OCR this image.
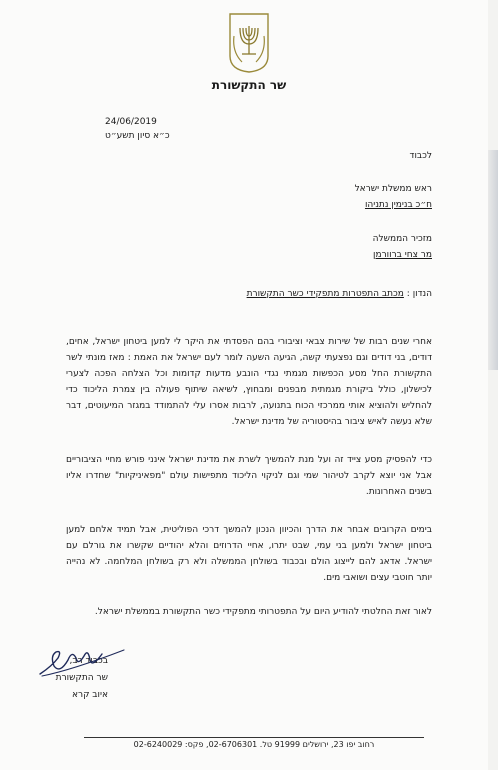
שר התקשורת
24/06/2019
כ״א סיון תשע״ט
לכבוד
ראש ממשלת ישראל
ח״כ בנימין נתניהו
מזכיר הממשלה
מר צחי ברוורמן
הנדון : מכתב התפטרות מתפקידי כשר התקשורת

אחרי שנים רבות של שירות צבאי וציבורי בהם הפסדתי את היקר לי למען ביטחון ישראל, אחים, דודים, בני דודים וגם נפצעתי קשה, הגיעה השעה לומר לעם ישראל את האמת : מאז מונתי לשר התקשורת החל מסע הכפשות מגמתי נגדי הונבע מדעות קדומות וכל הצלחה הפכה לצערי לכישלון, כולל ביקורת מגמתית מבפנים ומבחוץ, לשיאה שיתוף פעולה בין צמרת הליכוד כדי להחליש ולהוציא אותי ממרכזי הכוח בתנועה, לרבות אסרו עלי להתמודד במגזר המיעוטים, דבר שלא נעשה לאיש ציבור בהיסטוריה של מדינת ישראל.

כדי להפסיק מסע צייד זה ועל מנת להמשיך לשרת את מדינת ישראל אינני פורש מחיי הציבוריים אבל אני יוצא לקרב לטיהור שמי וגם לניקוי הליכוד מתפישות עולם "מפאיניקיות" שחדרו אליו בשנים האחרונות.

בימים הקרובים אבחר את הדרך והכיוון הנכון להמשך דרכי הפוליטית, אבל תמיד אלחם למען ביטחון ישראל ולמען בני עמי, שבט יתרו, אחיי הדרוזים והלא יהודיים שקשרו את גורלם עם ישראל. אדאג להם לייצוג הולם ובכבוד בשולחן הממשלה ולא רק בשולחן המלחמה. לא נהייה יותר חוטבי עצים ושואבי מים.

לאור זאת החלטתי להודיע היום על התפטרותי מתפקידי כשר התקשורת בממשלת ישראל.

בכבוד רב,
שר התקשורת
איוב קרא
רחוב יפו 23, ירושלים 91999 טל. 02-6706301, פקס: 02-6240029
